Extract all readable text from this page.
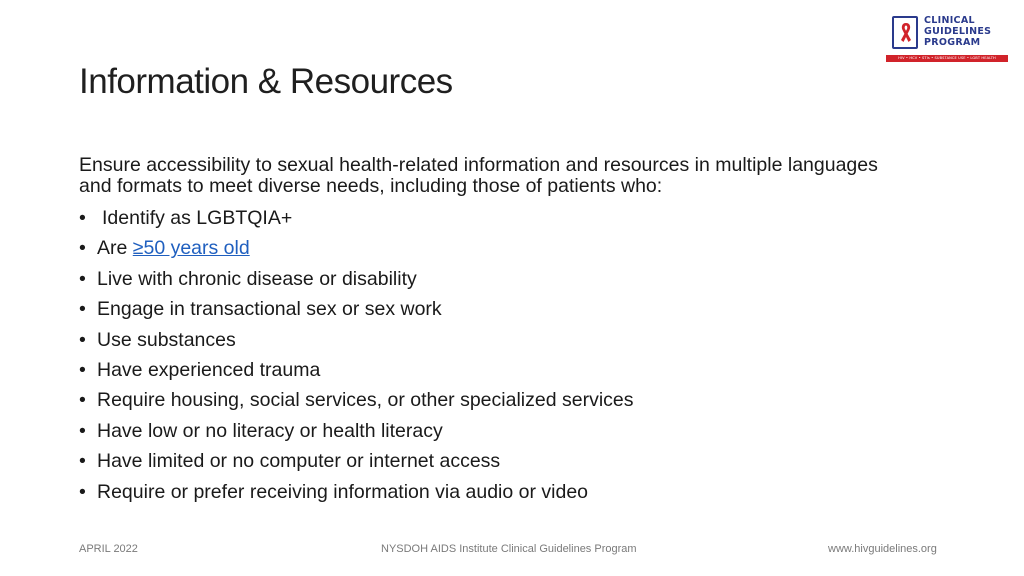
CLINICAL
GUIDELINES
PROGRAM
HIV • HCV • STIs • SUBSTANCE USE • LGBT HEALTH
Information & Resources

Ensure accessibility to sexual health-related information and resources in multiple languages and formats to meet diverse needs, including those of patients who:

• Identify as LGBTQIA+
• Are ≥50 years old
• Live with chronic disease or disability
• Engage in transactional sex or sex work
• Use substances
• Have experienced trauma
• Require housing, social services, or other specialized services
• Have low or no literacy or health literacy
• Have limited or no computer or internet access
• Require or prefer receiving information via audio or video
APRIL 2022	NYSDOH AIDS Institute Clinical Guidelines Program	www.hivguidelines.org
